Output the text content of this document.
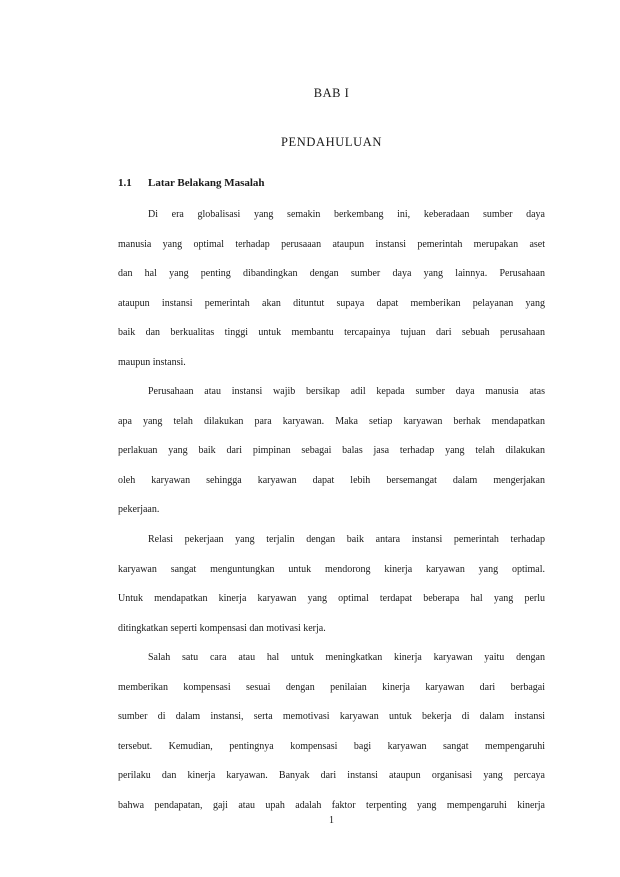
BAB I
PENDAHULUAN
1.1 Latar Belakang Masalah
Di era globalisasi yang semakin berkembang ini, keberadaan sumber daya
manusia yang optimal terhadap perusaaan ataupun instansi pemerintah merupakan aset
dan hal yang penting dibandingkan dengan sumber daya yang lainnya. Perusahaan
ataupun instansi pemerintah akan dituntut supaya dapat memberikan pelayanan yang
baik dan berkualitas tinggi untuk membantu tercapainya tujuan dari sebuah perusahaan
maupun instansi.
Perusahaan atau instansi wajib bersikap adil kepada sumber daya manusia atas
apa yang telah dilakukan para karyawan. Maka setiap karyawan berhak mendapatkan
perlakuan yang baik dari pimpinan sebagai balas jasa terhadap yang telah dilakukan
oleh karyawan sehingga karyawan dapat lebih bersemangat dalam mengerjakan
pekerjaan.
Relasi pekerjaan yang terjalin dengan baik antara instansi pemerintah terhadap
karyawan sangat menguntungkan untuk mendorong kinerja karyawan yang optimal.
Untuk mendapatkan kinerja karyawan yang optimal terdapat beberapa hal yang perlu
ditingkatkan seperti kompensasi dan motivasi kerja.
Salah satu cara atau hal untuk meningkatkan kinerja karyawan yaitu dengan
memberikan kompensasi sesuai dengan penilaian kinerja karyawan dari berbagai
sumber di dalam instansi, serta memotivasi karyawan untuk bekerja di dalam instansi
tersebut. Kemudian, pentingnya kompensasi bagi karyawan sangat mempengaruhi
perilaku dan kinerja karyawan. Banyak dari instansi ataupun organisasi yang percaya
bahwa pendapatan, gaji atau upah adalah faktor terpenting yang mempengaruhi kinerja
1
